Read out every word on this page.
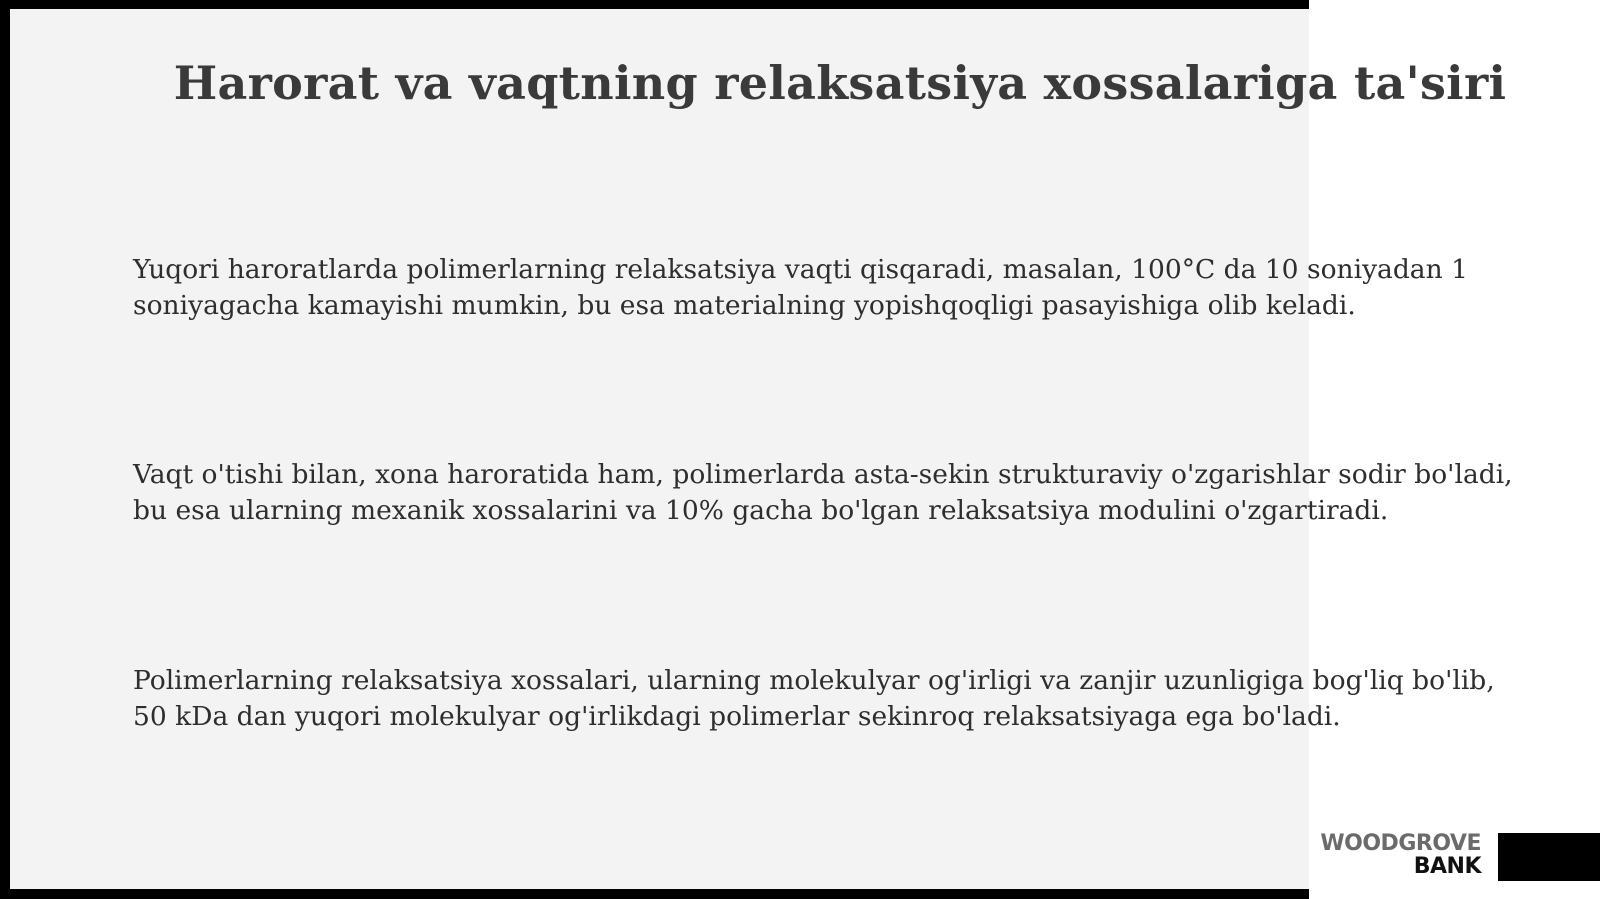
Harorat va vaqtning relaksatsiya xossalariga ta'siri

Yuqori haroratlarda polimerlarning relaksatsiya vaqti qisqaradi, masalan, 100°C da 10 soniyadan 1 soniyagacha kamayishi mumkin, bu esa materialning yopishqoqligi pasayishiga olib keladi.

Vaqt o'tishi bilan, xona haroratida ham, polimerlarda asta-sekin strukturaviy o'zgarishlar sodir bo'ladi, bu esa ularning mexanik xossalarini va 10% gacha bo'lgan relaksatsiya modulini o'zgartiradi.

Polimerlarning relaksatsiya xossalari, ularning molekulyar og'irligi va zanjir uzunligiga bog'liq bo'lib, 50 kDa dan yuqori molekulyar og'irlikdagi polimerlar sekinroq relaksatsiyaga ega bo'ladi.

WOODGROVE
BANK
